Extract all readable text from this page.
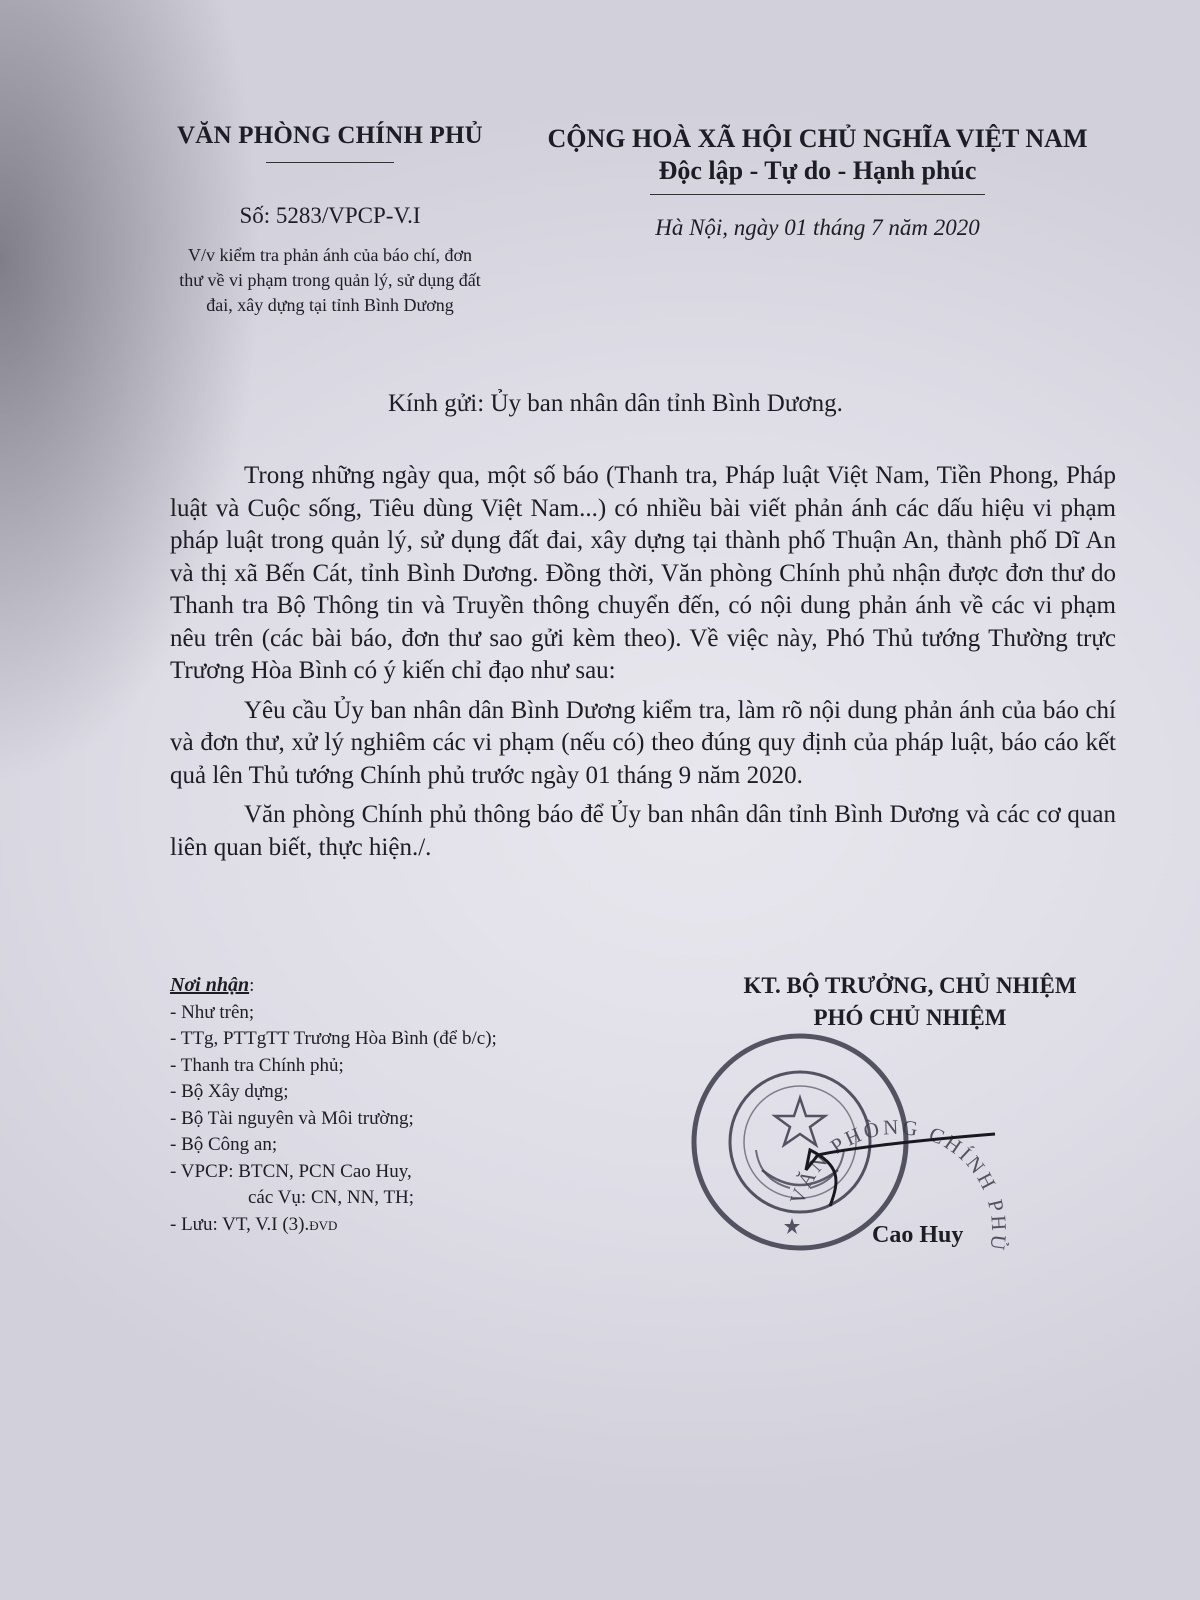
VĂN PHÒNG CHÍNH PHỦ
Số: 5283/VPCP-V.I
V/v kiểm tra phản ánh của báo chí, đơn
thư về vi phạm trong quản lý, sử dụng đất
đai, xây dựng tại tỉnh Bình Dương
CỘNG HOÀ XÃ HỘI CHỦ NGHĨA VIỆT NAM
Độc lập - Tự do - Hạnh phúc
Hà Nội, ngày 01 tháng 7 năm 2020
Kính gửi: Ủy ban nhân dân tỉnh Bình Dương.

Trong những ngày qua, một số báo (Thanh tra, Pháp luật Việt Nam, Tiền Phong, Pháp luật và Cuộc sống, Tiêu dùng Việt Nam...) có nhiều bài viết phản ánh các dấu hiệu vi phạm pháp luật trong quản lý, sử dụng đất đai, xây dựng tại thành phố Thuận An, thành phố Dĩ An và thị xã Bến Cát, tỉnh Bình Dương. Đồng thời, Văn phòng Chính phủ nhận được đơn thư do Thanh tra Bộ Thông tin và Truyền thông chuyển đến, có nội dung phản ánh về các vi phạm nêu trên (các bài báo, đơn thư sao gửi kèm theo). Về việc này, Phó Thủ tướng Thường trực Trương Hòa Bình có ý kiến chỉ đạo như sau:

Yêu cầu Ủy ban nhân dân Bình Dương kiểm tra, làm rõ nội dung phản ánh của báo chí và đơn thư, xử lý nghiêm các vi phạm (nếu có) theo đúng quy định của pháp luật, báo cáo kết quả lên Thủ tướng Chính phủ trước ngày 01 tháng 9 năm 2020.

Văn phòng Chính phủ thông báo để Ủy ban nhân dân tỉnh Bình Dương và các cơ quan liên quan biết, thực hiện./.

Nơi nhận:
- Như trên;
- TTg, PTTgTT Trương Hòa Bình (để b/c);
- Thanh tra Chính phủ;
- Bộ Xây dựng;
- Bộ Tài nguyên và Môi trường;
- Bộ Công an;
- VPCP: BTCN, PCN Cao Huy,
các Vụ: CN, NN, TH;
- Lưu: VT, V.I (3).ĐVD
KT. BỘ TRƯỞNG, CHỦ NHIỆM
PHÓ CHỦ NHIỆM
VĂN PHÒNG CHÍNH PHỦ
Cao Huy
